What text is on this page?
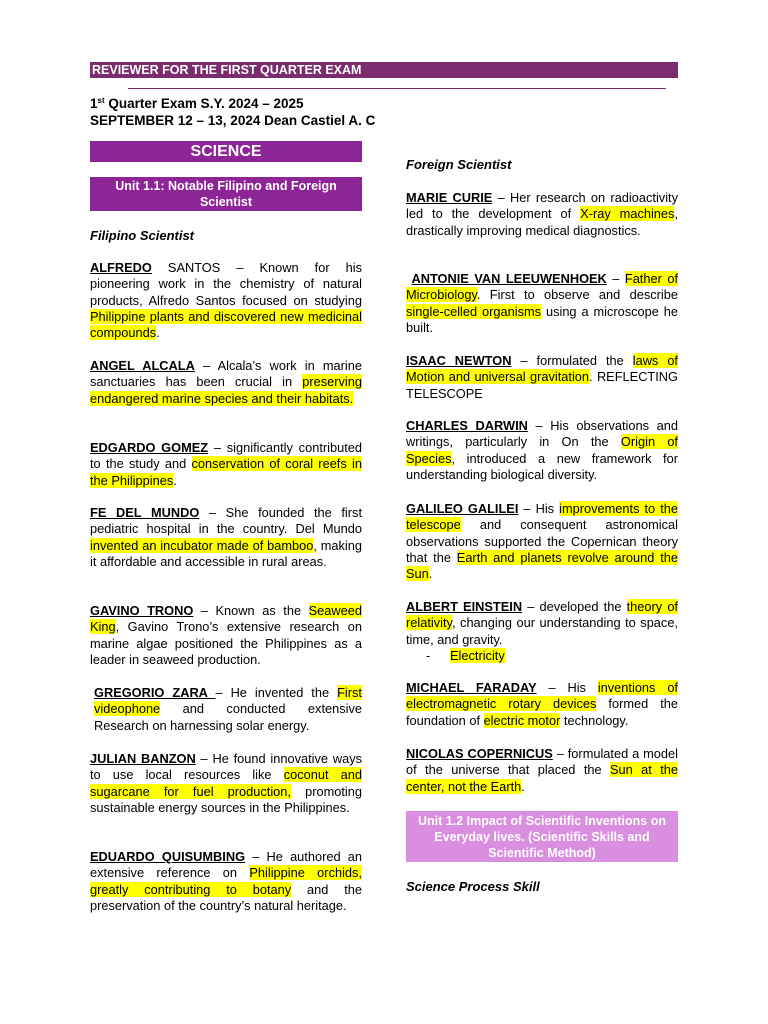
REVIEWER FOR THE FIRST QUARTER EXAM
1st Quarter Exam S.Y. 2024 – 2025
SEPTEMBER 12 – 13, 2024 Dean Castiel A. C
SCIENCE
Unit 1.1: Notable Filipino and Foreign Scientist
Filipino Scientist
ALFREDO SANTOS – Known for his pioneering work in the chemistry of natural products, Alfredo Santos focused on studying Philippine plants and discovered new medicinal compounds.
ANGEL ALCALA – Alcala’s work in marine sanctuaries has been crucial in preserving endangered marine species and their habitats.
EDGARDO GOMEZ – significantly contributed to the study and conservation of coral reefs in the Philippines.
FE DEL MUNDO – She founded the first pediatric hospital in the country. Del Mundo invented an incubator made of bamboo, making it affordable and accessible in rural areas.
GAVINO TRONO – Known as the Seaweed King, Gavino Trono’s extensive research on marine algae positioned the Philippines as a leader in seaweed production.
GREGORIO ZARA – He invented the First videophone and conducted extensive Research on harnessing solar energy.
JULIAN BANZON – He found innovative ways to use local resources like coconut and sugarcane for fuel production, promoting sustainable energy sources in the Philippines.
EDUARDO QUISUMBING – He authored an extensive reference on Philippine orchids, greatly contributing to botany and the preservation of the country’s natural heritage.
Foreign Scientist
MARIE CURIE – Her research on radioactivity led to the development of X-ray machines, drastically improving medical diagnostics.
ANTONIE VAN LEEUWENHOEK – Father of Microbiology. First to observe and describe single-celled organisms using a microscope he built.
ISAAC NEWTON – formulated the laws of Motion and universal gravitation. REFLECTING TELESCOPE
CHARLES DARWIN – His observations and writings, particularly in On the Origin of Species, introduced a new framework for understanding biological diversity.
GALILEO GALILEI – His improvements to the telescope and consequent astronomical observations supported the Copernican theory that the Earth and planets revolve around the Sun.
ALBERT EINSTEIN – developed the theory of relativity, changing our understanding to space, time, and gravity.
- Electricity
MICHAEL FARADAY – His inventions of electromagnetic rotary devices formed the foundation of electric motor technology.
NICOLAS COPERNICUS – formulated a model of the universe that placed the Sun at the center, not the Earth.
Unit 1.2 Impact of Scientific Inventions on Everyday lives. (Scientific Skills and Scientific Method)
Science Process Skill
